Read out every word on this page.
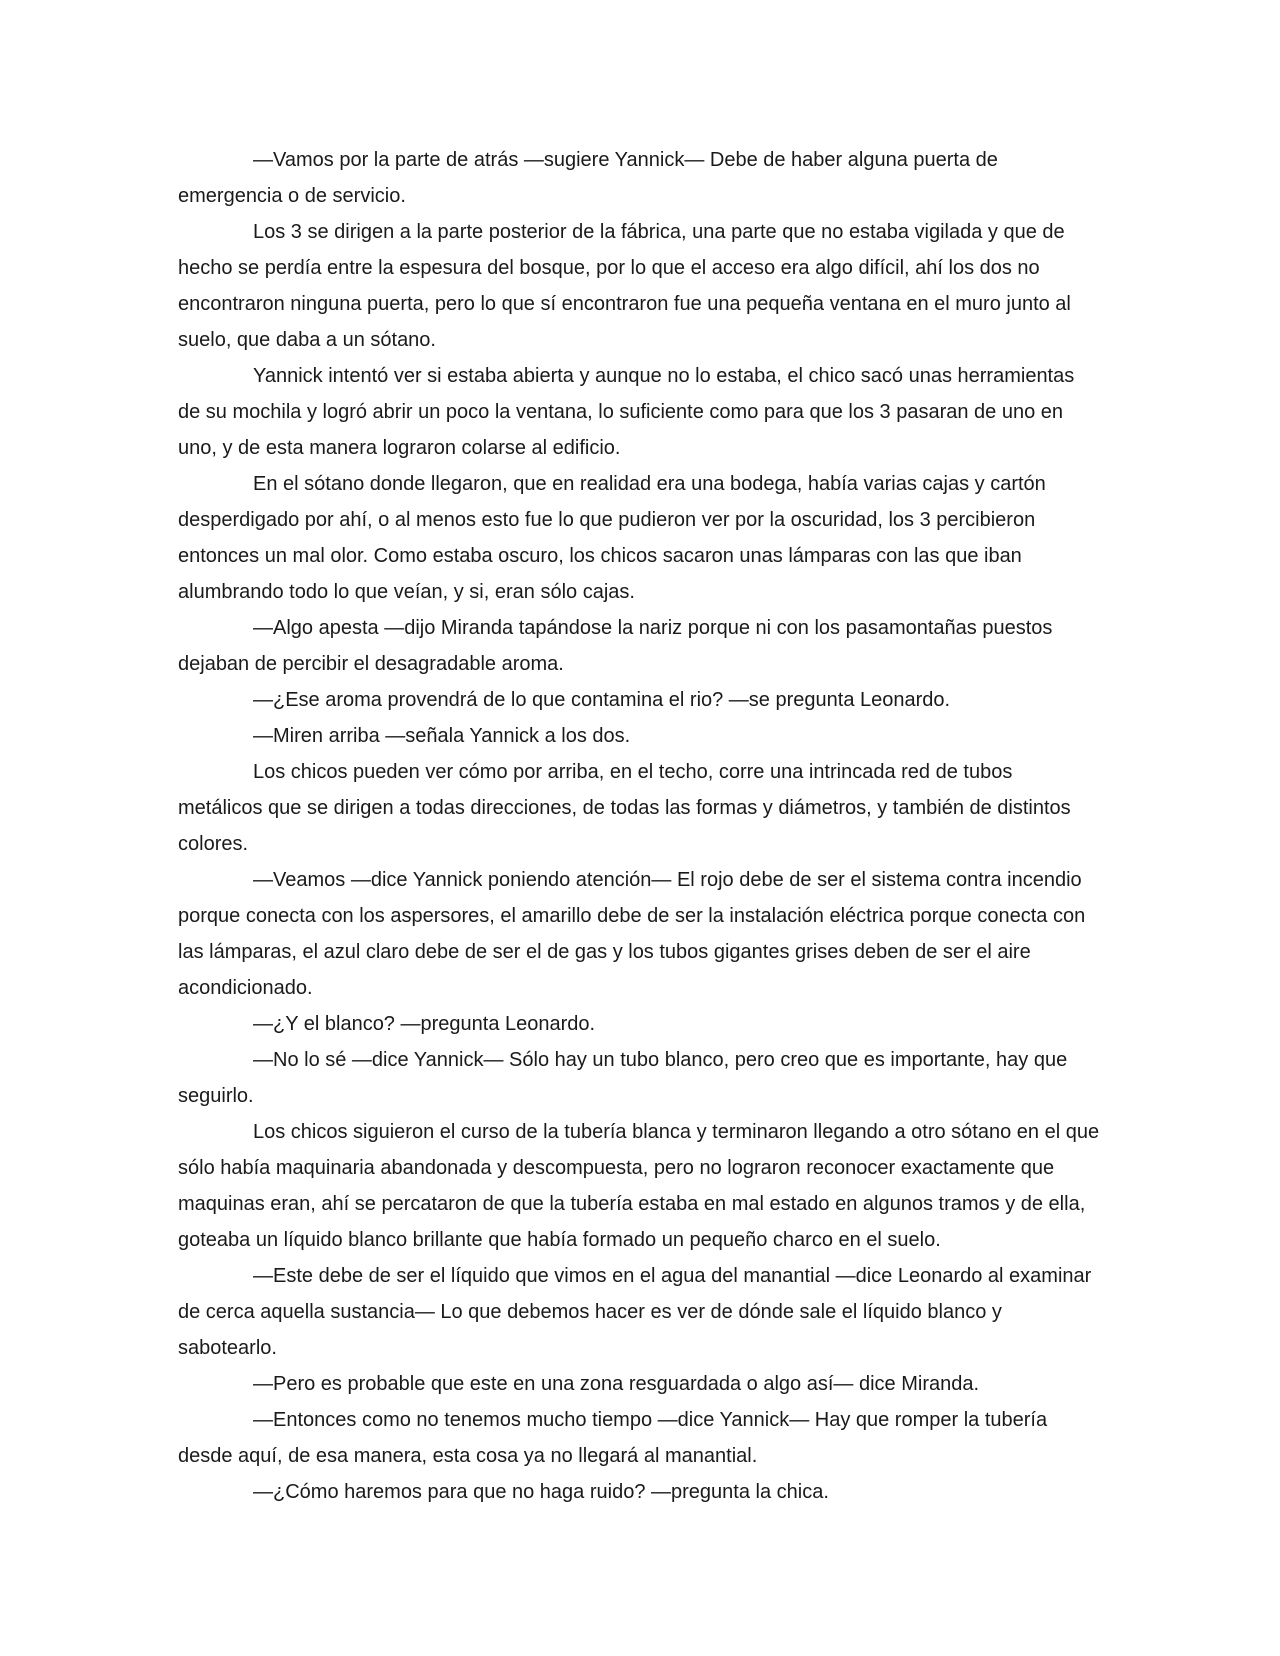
—Vamos por la parte de atrás —sugiere Yannick— Debe de haber alguna puerta de emergencia o de servicio.

Los 3 se dirigen a la parte posterior de la fábrica, una parte que no estaba vigilada y que de hecho se perdía entre la espesura del bosque, por lo que el acceso era algo difícil, ahí los dos no encontraron ninguna puerta, pero lo que sí encontraron fue una pequeña ventana en el muro junto al suelo, que daba a un sótano.

Yannick intentó ver si estaba abierta y aunque no lo estaba, el chico sacó unas herramientas de su mochila y logró abrir un poco la ventana, lo suficiente como para que los 3 pasaran de uno en uno, y de esta manera lograron colarse al edificio.

En el sótano donde llegaron, que en realidad era una bodega, había varias cajas y cartón desperdigado por ahí, o al menos esto fue lo que pudieron ver por la oscuridad, los 3 percibieron entonces un mal olor. Como estaba oscuro, los chicos sacaron unas lámparas con las que iban alumbrando todo lo que veían, y si, eran sólo cajas.

—Algo apesta —dijo Miranda tapándose la nariz porque ni con los pasamontañas puestos dejaban de percibir el desagradable aroma.

—¿Ese aroma provendrá de lo que contamina el rio? —se pregunta Leonardo.

—Miren arriba —señala Yannick a los dos.

Los chicos pueden ver cómo por arriba, en el techo, corre una intrincada red de tubos metálicos que se dirigen a todas direcciones, de todas las formas y diámetros, y también de distintos colores.

—Veamos —dice Yannick poniendo atención— El rojo debe de ser el sistema contra incendio porque conecta con los aspersores, el amarillo debe de ser la instalación eléctrica porque conecta con las lámparas, el azul claro debe de ser el de gas y los tubos gigantes grises deben de ser el aire acondicionado.

—¿Y el blanco? —pregunta Leonardo.

—No lo sé —dice Yannick— Sólo hay un tubo blanco, pero creo que es importante, hay que seguirlo.

Los chicos siguieron el curso de la tubería blanca y terminaron llegando a otro sótano en el que sólo había maquinaria abandonada y descompuesta, pero no lograron reconocer exactamente que maquinas eran, ahí se percataron de que la tubería estaba en mal estado en algunos tramos y de ella, goteaba un líquido blanco brillante que había formado un pequeño charco en el suelo.

—Este debe de ser el líquido que vimos en el agua del manantial —dice Leonardo al examinar de cerca aquella sustancia— Lo que debemos hacer es ver de dónde sale el líquido blanco y sabotearlo.

—Pero es probable que este en una zona resguardada o algo así— dice Miranda.

—Entonces como no tenemos mucho tiempo —dice Yannick— Hay que romper la tubería desde aquí, de esa manera, esta cosa ya no llegará al manantial.

—¿Cómo haremos para que no haga ruido? —pregunta la chica.
